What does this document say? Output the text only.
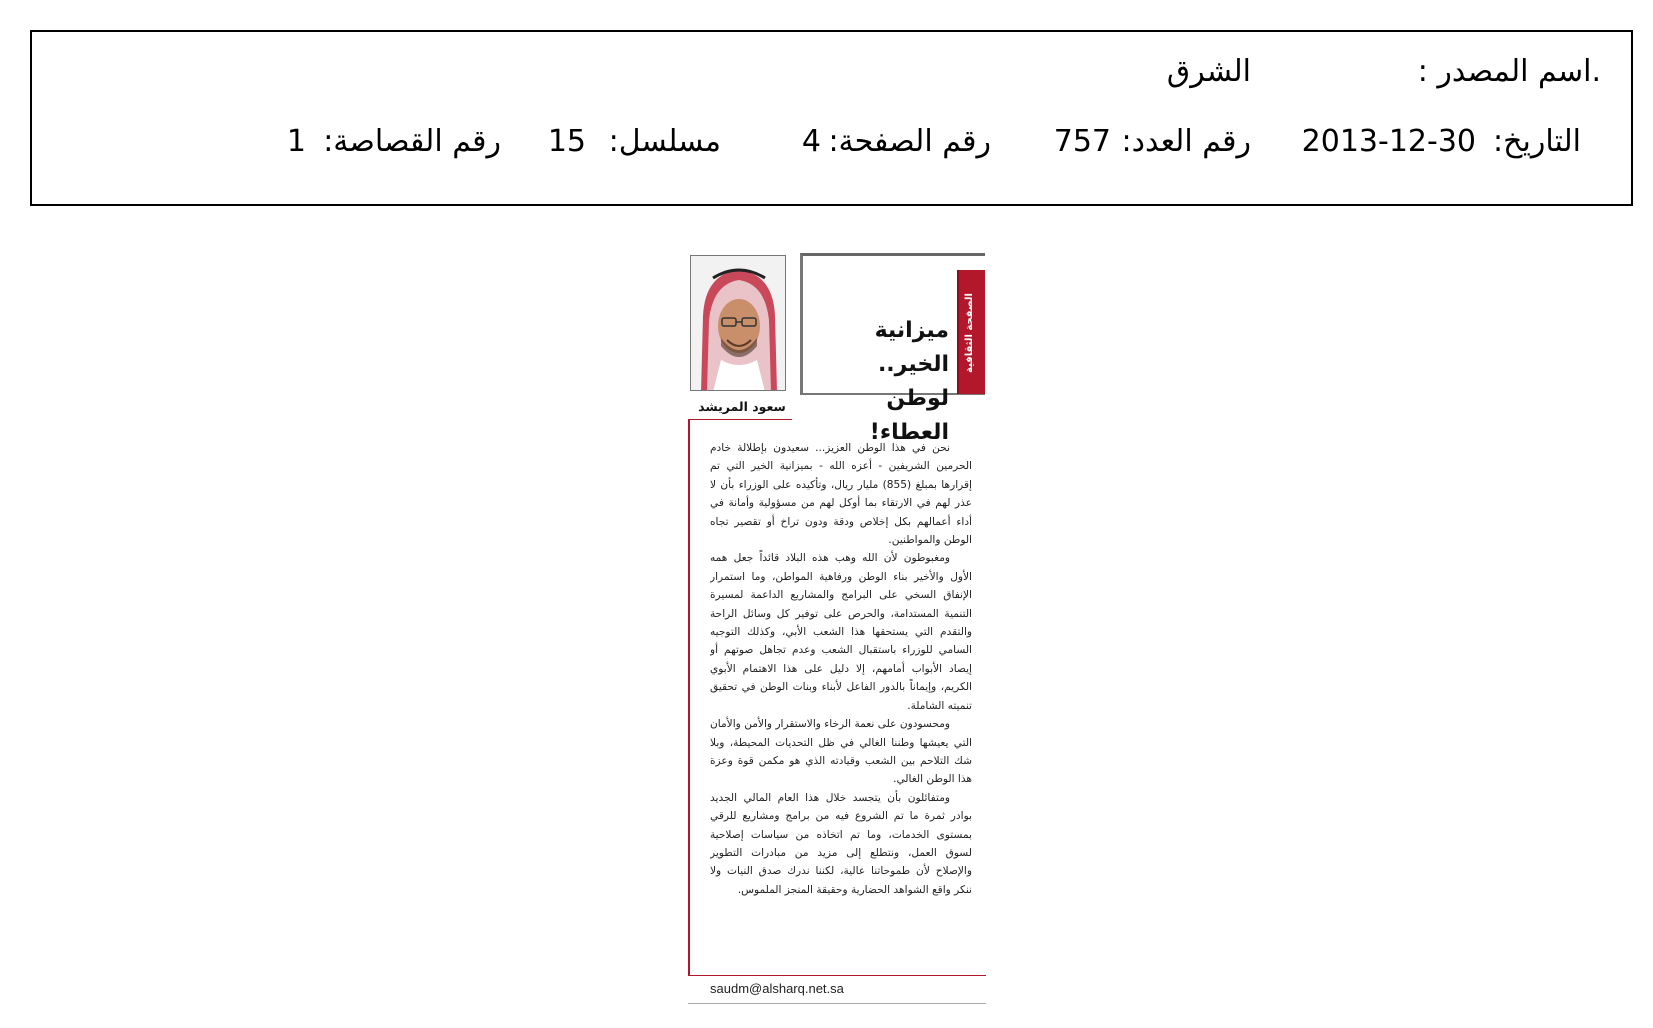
.اسم المصدر :
الشرق
التاريخ:
2013-12-30
رقم العدد:
757
رقم الصفحة:
4
مسلسل:
15
رقم القصاصة:
1
الصفحة الثقافية
ميزانية الخير..
لوطن العطاء!
سعود المريشد

نحن في هذا الوطن العزيز... سعيدون بإطلالة خادم الحرمين الشريفين - أعزه الله - بميزانية الخير التي تم إقرارها بمبلغ (855) مليار ريال، وتأكيده على الوزراء بأن لا عذر لهم في الارتقاء بما أوكل لهم من مسؤولية وأمانة في أداء أعمالهم بكل إخلاص ودقة ودون تراخ أو تقصير تجاه الوطن والمواطنين.

ومغبوطون لأن الله وهب هذه البلاد قائداً جعل همه الأول والأخير بناء الوطن ورفاهية المواطن، وما استمرار الإنفاق السخي على البرامج والمشاريع الداعمة لمسيرة التنمية المستدامة، والحرص على توفير كل وسائل الراحة والتقدم التي يستحقها هذا الشعب الأبي، وكذلك التوجيه السامي للوزراء باستقبال الشعب وعدم تجاهل صوتهم أو إيصاد الأبواب أمامهم، إلا دليل على هذا الاهتمام الأبوي الكريم، وإيماناً بالدور الفاعل لأبناء وبنات الوطن في تحقيق تنميته الشاملة.

ومحسودون على نعمة الرخاء والاستقرار والأمن والأمان التي يعيشها وطننا الغالي في ظل التحديات المحيطة، وبلا شك التلاحم بين الشعب وقيادته الذي هو مكمن قوة وعزة هذا الوطن الغالي.

ومتفائلون بأن يتجسد خلال هذا العام المالي الجديد بوادر ثمرة ما تم الشروع فيه من برامج ومشاريع للرقي بمستوى الخدمات، وما تم اتخاذه من سياسات إصلاحية لسوق العمل، ونتطلع إلى مزيد من مبادرات التطوير والإصلاح لأن طموحاتنا عالية، لكننا ندرك صدق النيات ولا ننكر واقع الشواهد الحضارية وحقيقة المنجز الملموس.

saudm@alsharq.net.sa
